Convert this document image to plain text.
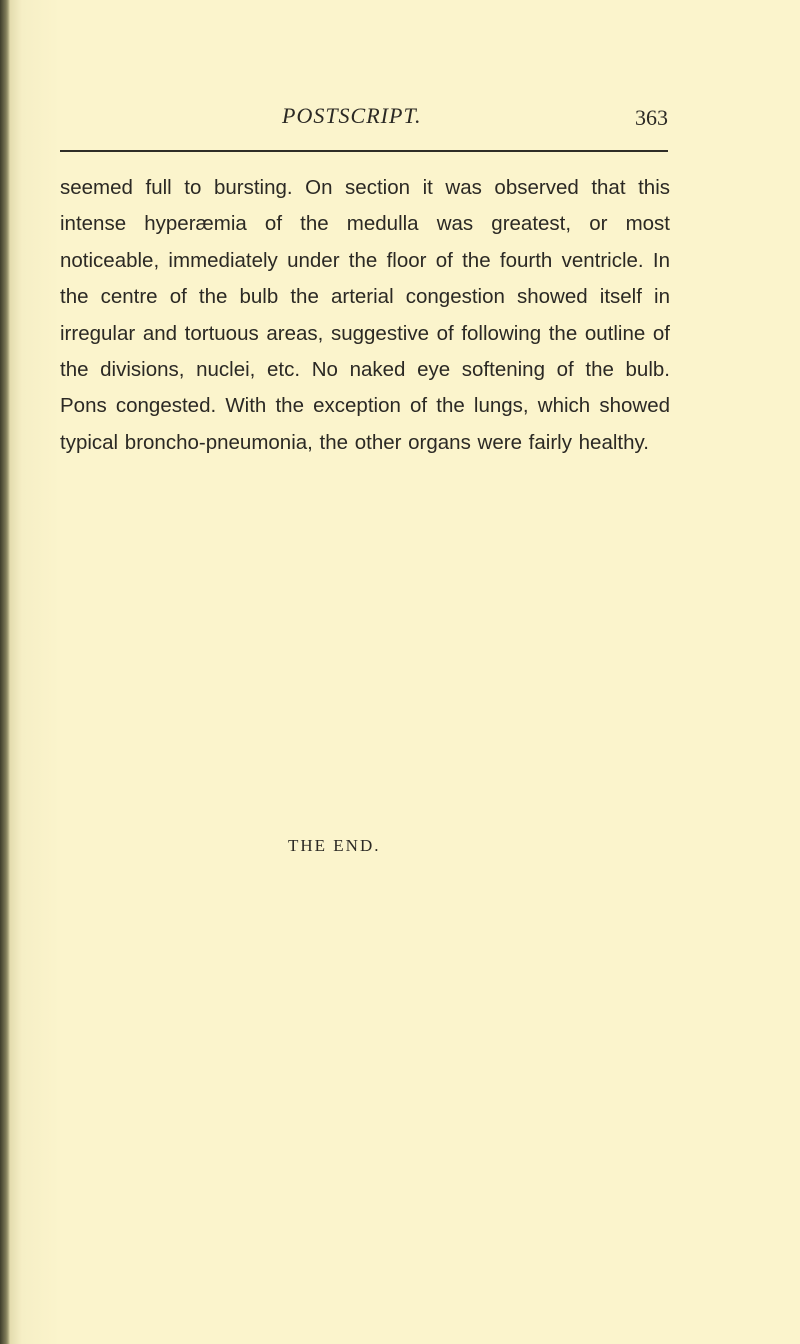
POSTSCRIPT.	363
seemed full to bursting. On section it was observed that this intense hyperæmia of the medulla was greatest, or most noticeable, immediately under the floor of the fourth ventricle. In the centre of the bulb the arterial congestion showed itself in irregular and tortuous areas, suggestive of following the outline of the divisions, nuclei, etc. No naked eye softening of the bulb. Pons congested. With the exception of the lungs, which showed typical broncho-pneumonia, the other organs were fairly healthy.
THE END.
